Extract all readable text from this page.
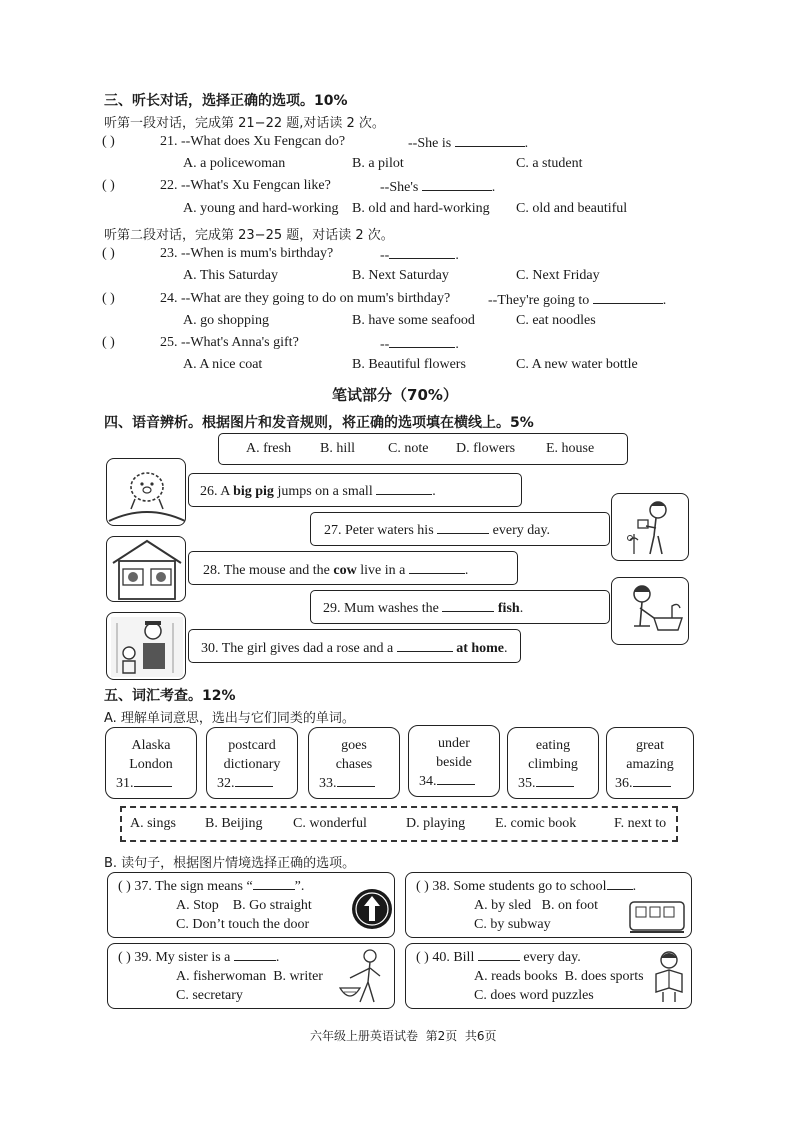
三、听长对话，选择正确的选项。10%
听第一段对话，完成第 21−22 题,对话读 2 次。
( )	21. --What does Xu Fengcan do?	--She is	.
A. a policewoman	B. a pilot	C. a student
( )	22. --What's Xu Fengcan like?	--She's	.
A. young and hard-working B. old and hard-working C. old and beautiful
听第二段对话，完成第 23−25 题，对话读 2 次。
( )	23. --When is mum's birthday?	--	.
A. This Saturday	B. Next Saturday	C. Next Friday
( )	24. --What are they going to do on mum's birthday?	--They're going to	.
A. go shopping	B. have some seafood	C. eat noodles
( )	25. --What's Anna's gift?	--	.
A. A nice coat	B. Beautiful flowers	C. A new water bottle
笔试部分（70%）
四、语音辨析。根据图片和发音规则，将正确的选项填在横线上。5%
A. fresh B. hill C. note D. flowers E. house
26. A big pig jumps on a small	.
27. Peter waters his	every day.
28. The mouse and the cow live in a	.
29. Mum washes the	fish.
30. The girl gives dad a rose and a	at home.
五、词汇考查。12%
A. 理解单词意思，选出与它们同类的单词。
Alaska
London
31.
postcard
dictionary
32.
goes
chases
33.
under
beside
34.
eating
climbing
35.
great
amazing
36.
A. sings B. Beijing C. wonderful	D. playing E. comic book	F. next to
B. 读句子，根据图片情境选择正确的选项。
( ) 37. The sign means “	”.
A. Stop B. Go straight
C. Don’t touch the door
( ) 38. Some students go to school .
A. by sled B. on foot
C. by subway
( ) 39. My sister is a	.
A. fisherwoman B. writer
C. secretary
( ) 40. Bill	every day.
A. reads books B. does sports
C. does word puzzles
六年级上册英语试卷  第2页  共6页
